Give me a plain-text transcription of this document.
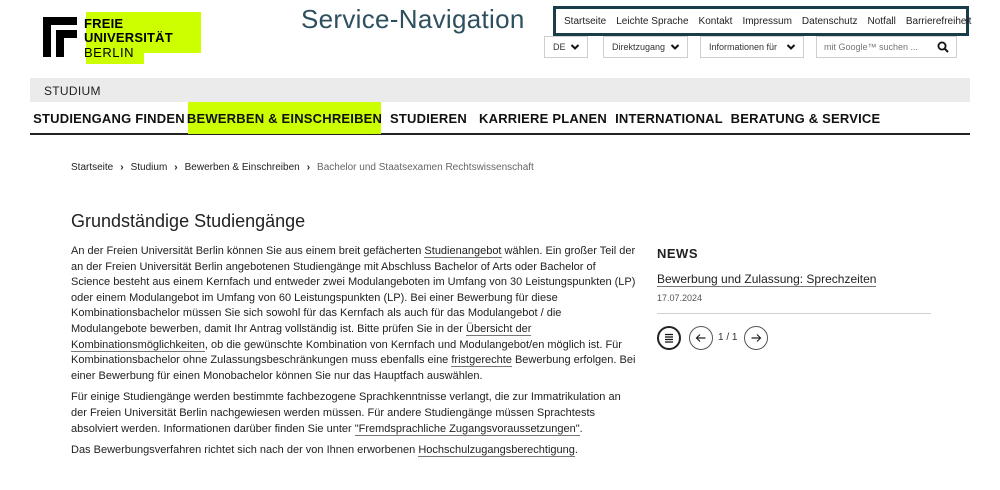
FREIE
UNIVERSITÄT
BERLIN
Service-Navigation	Startseite Leichte Sprache Kontakt Impressum Datenschutz Notfall Barrierefreiheit
DE	Direktzugang	Informationen für
mit Google™ suchen ...
STUDIUM
STUDIENGANG FINDEN BEWERBEN & EINSCHREIBEN STUDIEREN KARRIERE PLANEN INTERNATIONAL BERATUNG & SERVICE
Startseite › Studium › Bewerben & Einschreiben › Bachelor und Staatsexamen Rechtswissenschaft
Grundständige Studiengänge

An der Freien Universität Berlin können Sie aus einem breit gefächerten Studienangebot wählen. Ein großer Teil der an der Freien Universität Berlin angebotenen Studiengänge mit Abschluss Bachelor of Arts oder Bachelor of Science besteht aus einem Kernfach und entweder zwei Modulangeboten im Umfang von 30 Leistungspunkten (LP) oder einem Modulangebot im Umfang von 60 Leistungspunkten (LP). Bei einer Bewerbung für diese Kombinationsbachelor müssen Sie sich sowohl für das Kernfach als auch für das Modulangebot / die Modulangebote bewerben, damit Ihr Antrag vollständig ist. Bitte prüfen Sie in der Übersicht der Kombinationsmöglichkeiten, ob die gewünschte Kombination von Kernfach und Modulangebot/en möglich ist. Für Kombinationsbachelor ohne Zulassungsbeschränkungen muss ebenfalls eine fristgerechte Bewerbung erfolgen. Bei einer Bewerbung für einen Monobachelor können Sie nur das Hauptfach auswählen.

Für einige Studiengänge werden bestimmte fachbezogene Sprachkenntnisse verlangt, die zur Immatrikulation an der Freien Universität Berlin nachgewiesen werden müssen. Für andere Studiengänge müssen Sprachtests absolviert werden. Informationen darüber finden Sie unter "Fremdsprachliche Zugangsvoraussetzungen".

Das Bewerbungsverfahren richtet sich nach der von Ihnen erworbenen Hochschulzugangsberechtigung.

NEWS
Bewerbung und Zulassung: Sprechzeiten
17.07.2024
1 / 1
